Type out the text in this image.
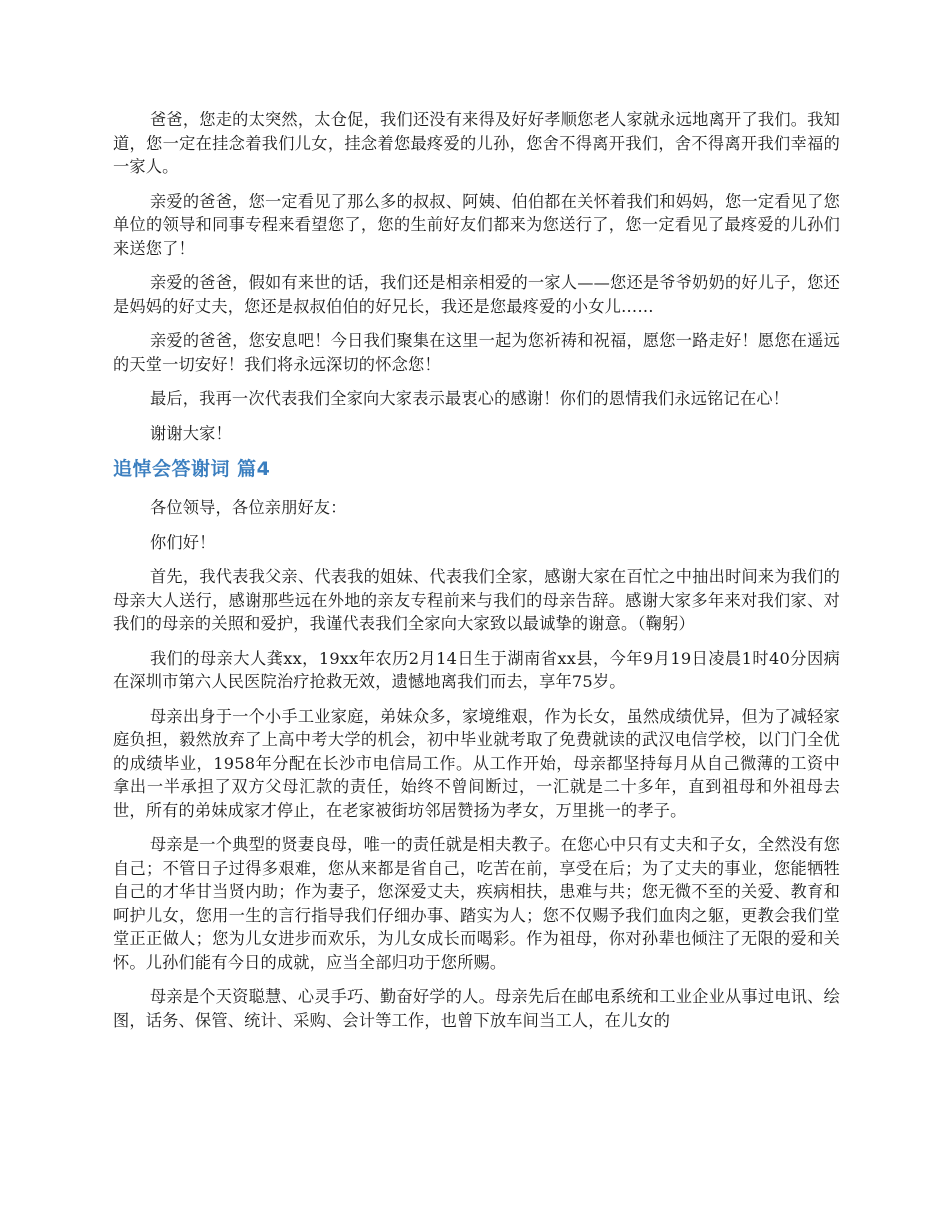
爸爸，您走的太突然，太仓促，我们还没有来得及好好孝顺您老人家就永远地离开了我们。我知道，您一定在挂念着我们儿女，挂念着您最疼爱的儿孙，您舍不得离开我们，舍不得离开我们幸福的一家人。

亲爱的爸爸，您一定看见了那么多的叔叔、阿姨、伯伯都在关怀着我们和妈妈，您一定看见了您单位的领导和同事专程来看望您了，您的生前好友们都来为您送行了，您一定看见了最疼爱的儿孙们来送您了！

亲爱的爸爸，假如有来世的话，我们还是相亲相爱的一家人——您还是爷爷奶奶的好儿子，您还是妈妈的好丈夫，您还是叔叔伯伯的好兄长，我还是您最疼爱的小女儿……

亲爱的爸爸，您安息吧！今日我们聚集在这里一起为您祈祷和祝福，愿您一路走好！愿您在遥远的天堂一切安好！我们将永远深切的怀念您！

最后，我再一次代表我们全家向大家表示最衷心的感谢！你们的恩情我们永远铭记在心！

谢谢大家！

追悼会答谢词 篇4

各位领导，各位亲朋好友：

你们好！

首先，我代表我父亲、代表我的姐妹、代表我们全家，感谢大家在百忙之中抽出时间来为我们的母亲大人送行，感谢那些远在外地的亲友专程前来与我们的母亲告辞。感谢大家多年来对我们家、对我们的母亲的关照和爱护，我谨代表我们全家向大家致以最诚挚的谢意。（鞠躬）

我们的母亲大人龚xx，19xx年农历2月14日生于湖南省xx县，今年9月19日凌晨1时40分因病在深圳市第六人民医院治疗抢救无效，遗憾地离我们而去，享年75岁。

母亲出身于一个小手工业家庭，弟妹众多，家境维艰，作为长女，虽然成绩优异，但为了减轻家庭负担，毅然放弃了上高中考大学的机会，初中毕业就考取了免费就读的武汉电信学校，以门门全优的成绩毕业，1958年分配在长沙市电信局工作。从工作开始，母亲都坚持每月从自己微薄的工资中拿出一半承担了双方父母汇款的责任，始终不曾间断过，一汇就是二十多年，直到祖母和外祖母去世，所有的弟妹成家才停止，在老家被街坊邻居赞扬为孝女，万里挑一的孝子。

母亲是一个典型的贤妻良母，唯一的责任就是相夫教子。在您心中只有丈夫和子女，全然没有您自己；不管日子过得多艰难，您从来都是省自己，吃苦在前，享受在后；为了丈夫的事业，您能牺牲自己的才华甘当贤内助；作为妻子，您深爱丈夫，疾病相扶，患难与共；您无微不至的关爱、教育和呵护儿女，您用一生的言行指导我们仔细办事、踏实为人；您不仅赐予我们血肉之躯，更教会我们堂堂正正做人；您为儿女进步而欢乐，为儿女成长而喝彩。作为祖母，你对孙辈也倾注了无限的爱和关怀。儿孙们能有今日的成就，应当全部归功于您所赐。

母亲是个天资聪慧、心灵手巧、勤奋好学的人。母亲先后在邮电系统和工业企业从事过电讯、绘图，话务、保管、统计、采购、会计等工作，也曾下放车间当工人，在儿女的
